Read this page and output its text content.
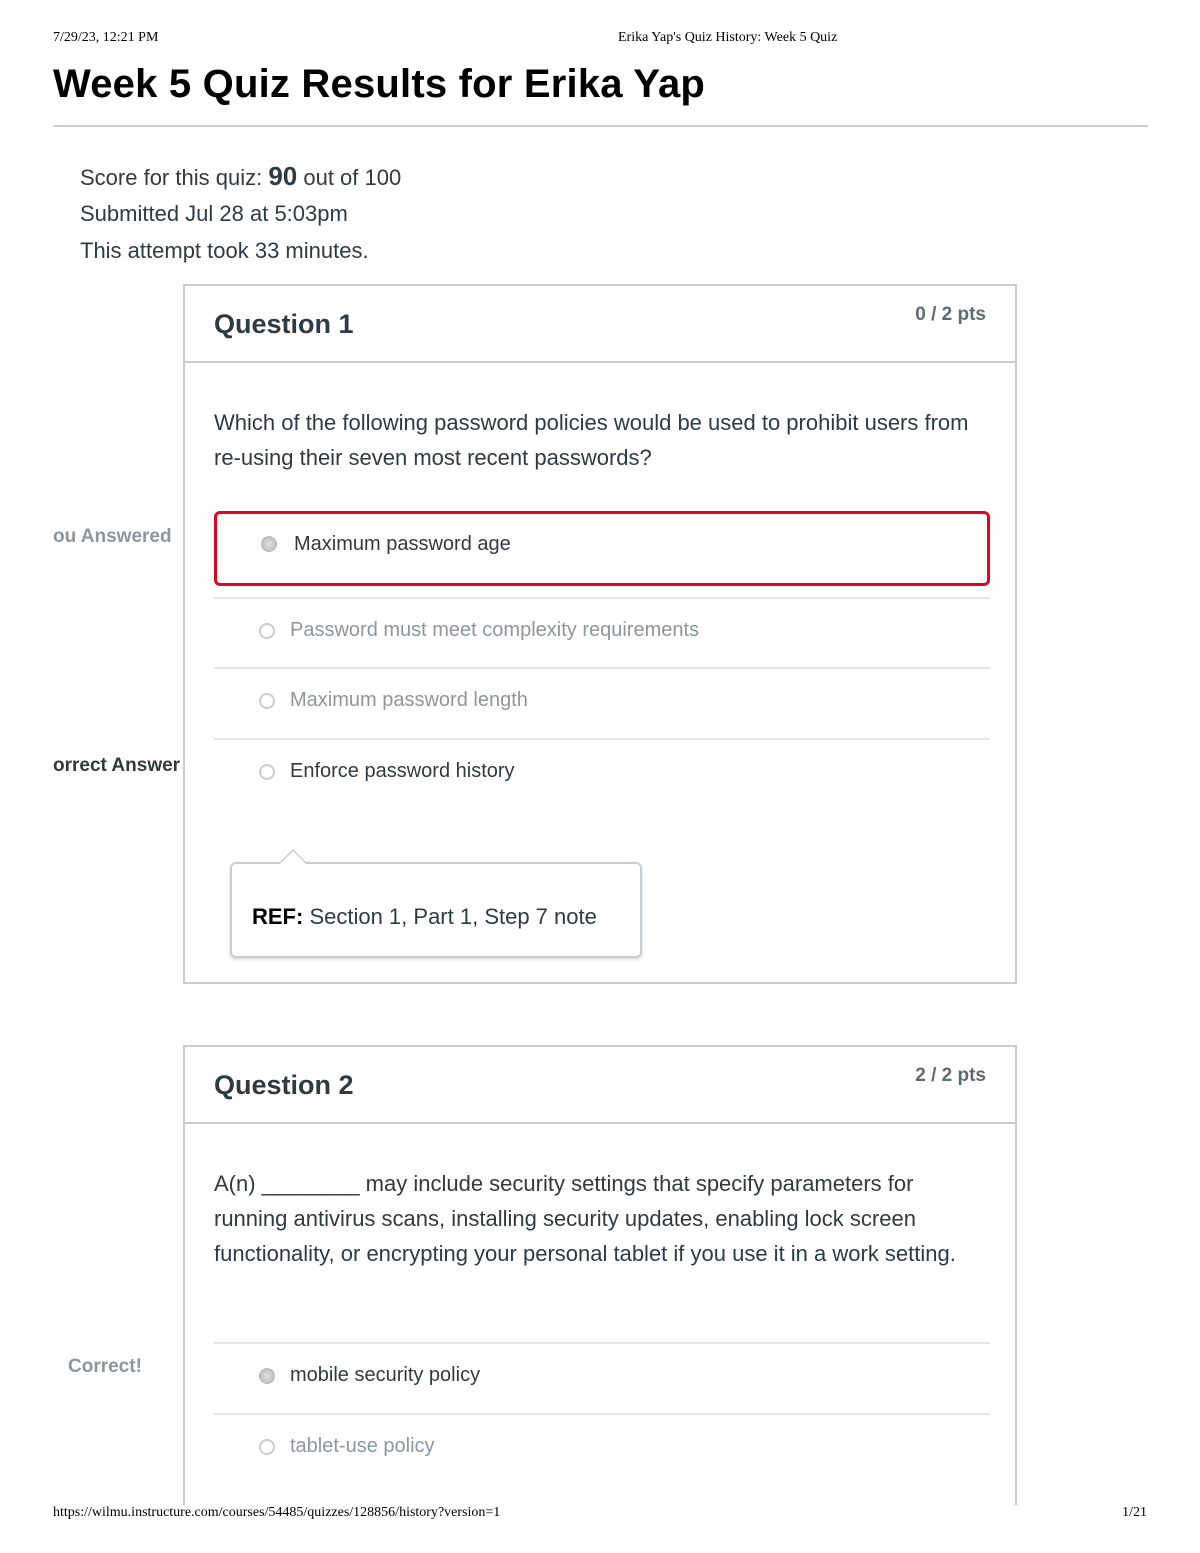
7/29/23, 12:21 PM	Erika Yap's Quiz History: Week 5 Quiz
Week 5 Quiz Results for Erika Yap
Score for this quiz: 90 out of 100
Submitted Jul 28 at 5:03pm
This attempt took 33 minutes.
ou Answered
orrect Answer
Question 1	0 / 2 pts
Which of the following password policies would be used to prohibit users from re-using their seven most recent passwords?
Maximum password age
Password must meet complexity requirements
Maximum password length
Enforce password history
REF: Section 1, Part 1, Step 7 note
Correct!
Question 2	2 / 2 pts
A(n) ________ may include security settings that specify parameters for running antivirus scans, installing security updates, enabling lock screen functionality, or encrypting your personal tablet if you use it in a work setting.
mobile security policy
tablet-use policy
https://wilmu.instructure.com/courses/54485/quizzes/128856/history?version=1	1/21
